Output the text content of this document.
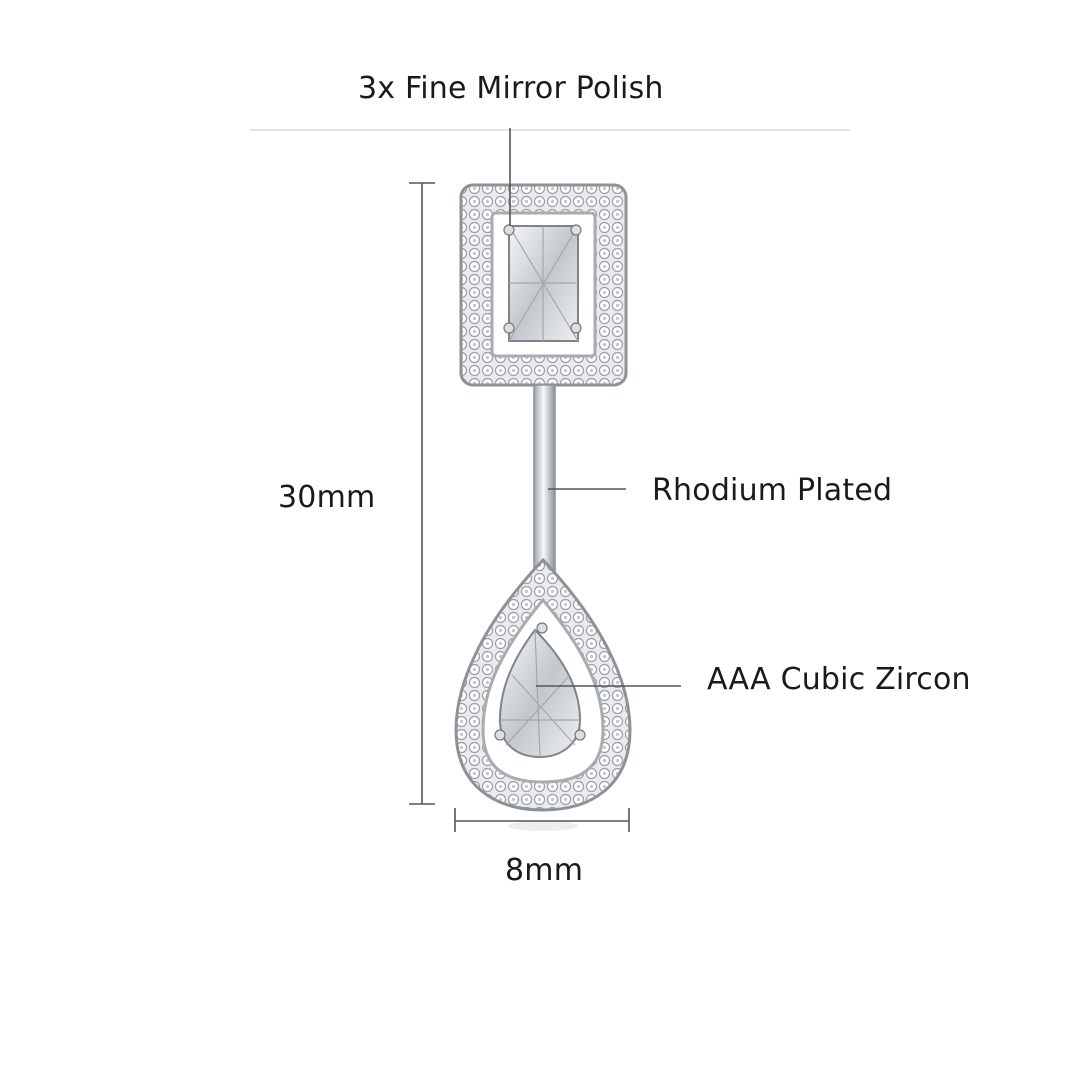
3x Fine Mirror Polish
30mm	Rhodium Plated
AAA Cubic Zircon
8mm
